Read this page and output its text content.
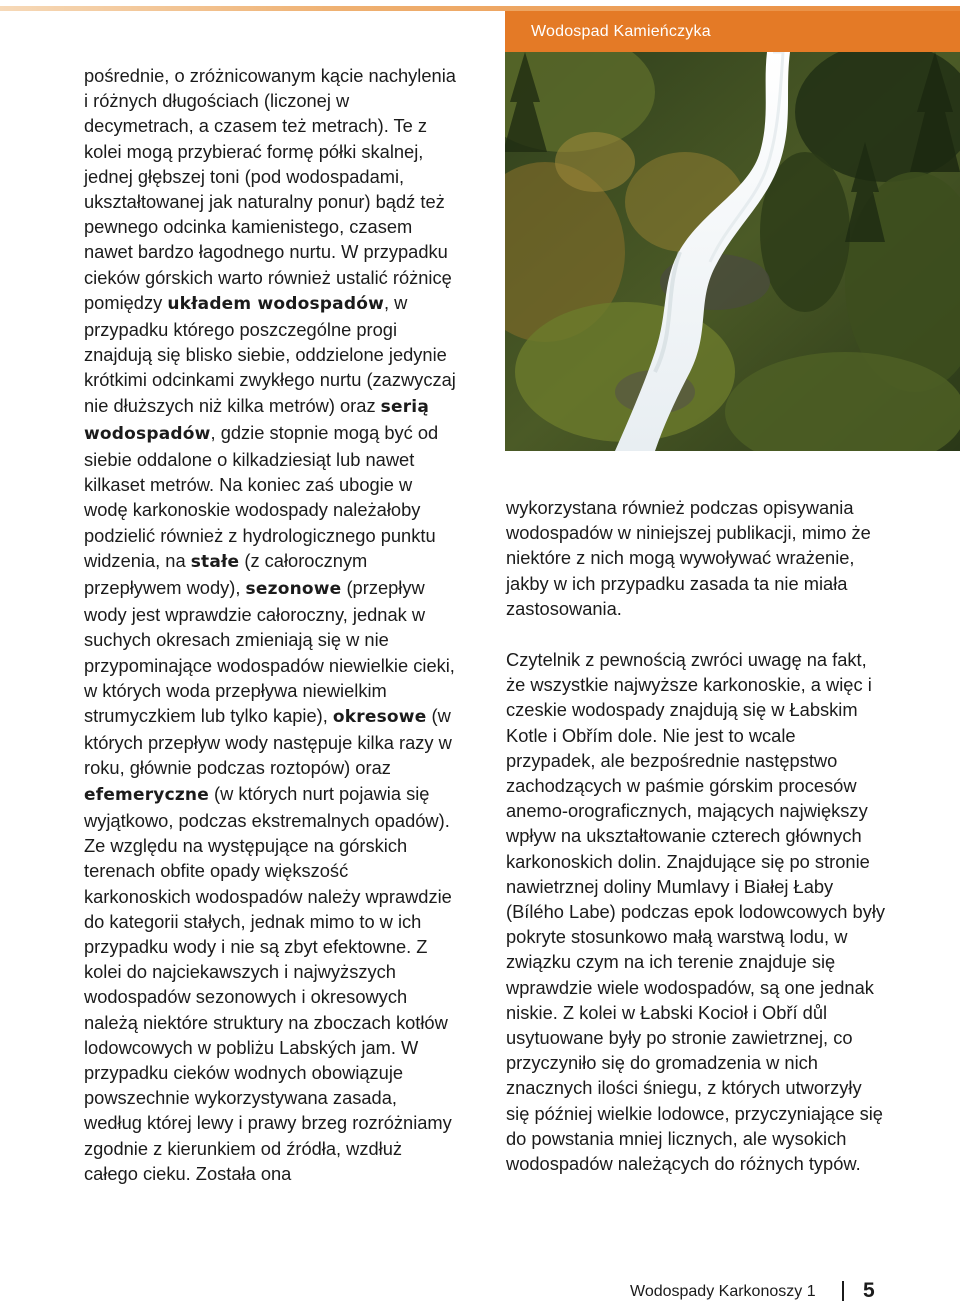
Wodospad Kamieńczyka

pośrednie, o zróżnicowanym kącie nachylenia i różnych długościach (liczonej w decymetrach, a czasem też metrach). Te z kolei mogą przybierać formę półki skalnej, jednej głębszej toni (pod wodospadami, ukształtowanej jak naturalny ponur) bądź też pewnego odcinka kamienistego, czasem nawet bardzo łagodnego nurtu. W przypadku cieków górskich warto również ustalić różnicę pomiędzy układem wodospadów, w przypadku którego poszczególne progi znajdują się blisko siebie, oddzielone jedynie krótkimi odcinkami zwykłego nurtu (zazwyczaj nie dłuższych niż kilka metrów) oraz serią wodospadów, gdzie stopnie mogą być od siebie oddalone o kilkadziesiąt lub nawet kilkaset metrów. Na koniec zaś ubogie w wodę karkonoskie wodospady należałoby podzielić również z hydrologicznego punktu widzenia, na stałe (z całorocznym przepływem wody), sezonowe (przepływ wody jest wprawdzie całoroczny, jednak w suchych okresach zmieniają się w nie przypominające wodospadów niewielkie cieki, w których woda przepływa niewielkim strumyczkiem lub tylko kapie), okresowe (w których przepływ wody następuje kilka razy w roku, głównie podczas roztopów) oraz efemeryczne (w których nurt pojawia się wyjątkowo, podczas ekstremalnych opadów). Ze względu na występujące na górskich terenach obfite opady większość karkonoskich wodospadów należy wprawdzie do kategorii stałych, jednak mimo to w ich przypadku wody i nie są zbyt efektowne. Z kolei do najciekawszych i najwyższych wodospadów sezonowych i okresowych należą niektóre struktury na zboczach kotłów lodowcowych w pobliżu Labských jam. W przypadku cieków wodnych obowiązuje powszechnie wykorzystywana zasada, według której lewy i prawy brzeg rozróżniamy zgodnie z kierunkiem od źródła, wzdłuż całego cieku. Została ona

wykorzystana również podczas opisywania wodospadów w niniejszej publikacji, mimo że niektóre z nich mogą wywoływać wrażenie, jakby w ich przypadku zasada ta nie miała zastosowania.

Czytelnik z pewnością zwróci uwagę na fakt, że wszystkie najwyższe karkonoskie, a więc i czeskie wodospady znajdują się w Łabskim Kotle i Obřím dole. Nie jest to wcale przypadek, ale bezpośrednie następstwo zachodzących w paśmie górskim procesów anemo-orograficznych, mających największy wpływ na ukształtowanie czterech głównych karkonoskich dolin. Znajdujące się po stronie nawietrznej doliny Mumlavy i Białej Łaby (Bílého Labe) podczas epok lodowcowych były pokryte stosunkowo małą warstwą lodu, w związku czym na ich terenie znajduje się wprawdzie wiele wodospadów, są one jednak niskie. Z kolei w Łabski Kocioł i Obří důl usytuowane były po stronie zawietrznej, co przyczyniło się do gromadzenia w nich znacznych ilości śniegu, z których utworzyły się później wielkie lodowce, przyczyniające się do powstania mniej licznych, ale wysokich wodospadów należących do różnych typów.

Wodospady Karkonoszy 1 5
